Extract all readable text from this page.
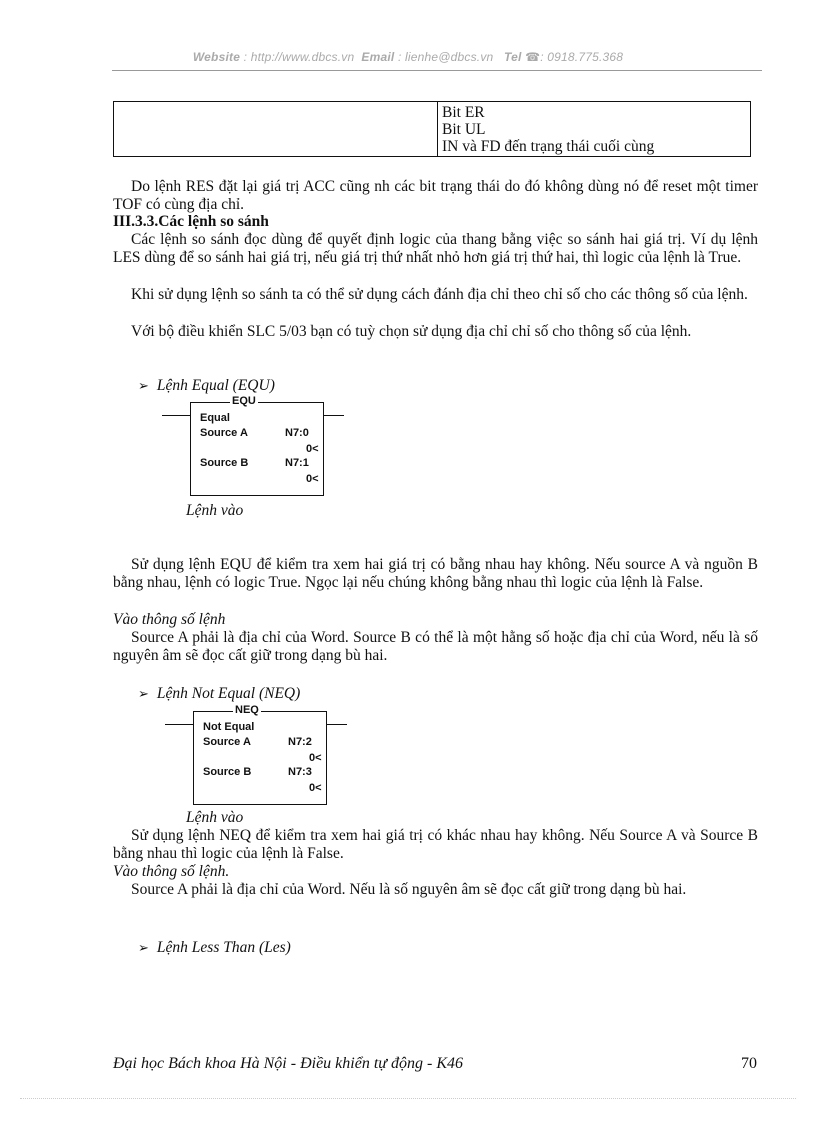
Website : http://www.dbcs.vn Email : lienhe@dbcs.vn Tel ☎: 0918.775.368
Bit ER
Bit UL
IN và FD đến trạng thái cuối cùng
Do lệnh RES đặt lại giá trị ACC cũng nh các bit trạng thái do đó không dùng nó để reset một timer TOF có cùng địa chỉ.
III.3.3.Các lệnh so sánh
Các lệnh so sánh đọc dùng để quyết định logic của thang bằng việc so sánh hai giá trị. Ví dụ lệnh LES dùng để so sánh hai giá trị, nếu giá trị thứ nhất nhỏ hơn giá trị thứ hai, thì logic của lệnh là True.
Khi sử dụng lệnh so sánh ta có thể sử dụng cách đánh địa chỉ theo chỉ số cho các thông số của lệnh.
Với bộ điều khiển SLC 5/03 bạn có tuỳ chọn sử dụng địa chỉ chỉ số cho thông số của lệnh.
➢ Lệnh Equal (EQU)
EQU
Equal
Source A	N7:0
0<
Source B	N7:1
0<
Lệnh vào
Sử dụng lệnh EQU để kiểm tra xem hai giá trị có bằng nhau hay không. Nếu source A và nguồn B bằng nhau, lệnh có logic True. Ngọc lại nếu chúng không bằng nhau thì logic của lệnh là False.
Vào thông số lệnh
Source A phải là địa chỉ của Word. Source B có thể là một hằng số hoặc địa chỉ của Word, nếu là số nguyên âm sẽ đọc cất giữ trong dạng bù hai.
➢ Lệnh Not Equal (NEQ)
NEQ
Not Equal
Source A	N7:2
0<
Source B	N7:3
0<
Lệnh vào
Sử dụng lệnh NEQ để kiểm tra xem hai giá trị có khác nhau hay không. Nếu Source A và Source B bằng nhau thì logic của lệnh là False.
Vào thông số lệnh.
Source A phải là địa chỉ của Word. Nếu là số nguyên âm sẽ đọc cất giữ trong dạng bù hai.
➢ Lệnh Less Than (Les)
Đại học Bách khoa Hà Nội - Điều khiển tự động - K46	70
